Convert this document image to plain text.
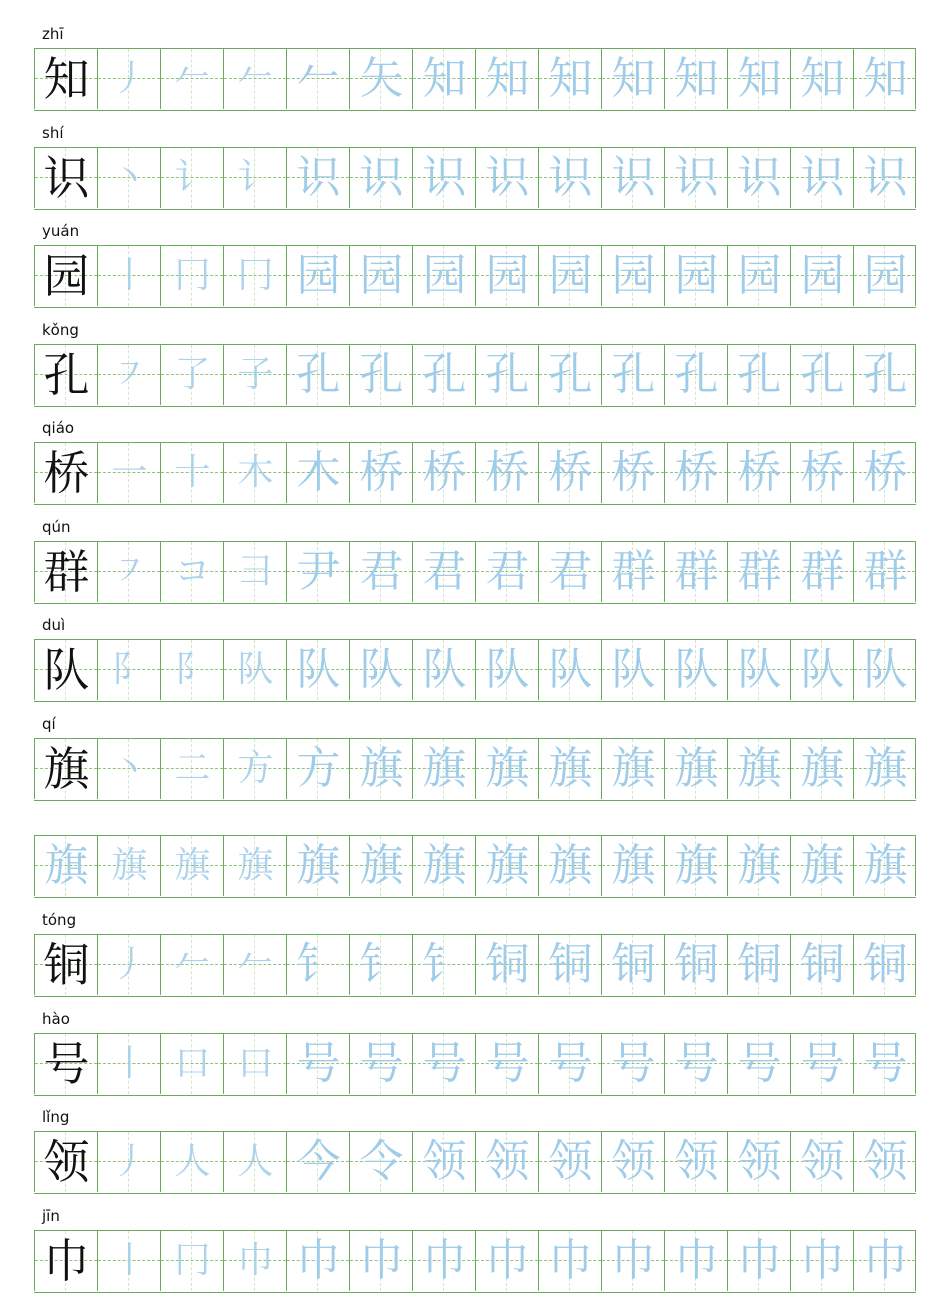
zhī
知 丿 𠂉 𠂉 𠂉 矢 知 知 知 知 知 知 知 知
shí
识 丶 讠 讠 识 识 识 识 识 识 识 识 识 识
yuán
园 丨 冂 冂 园 园 园 园 园 园 园 园 园 园
kǒng
孔 ㇇ 了 子 孔 孔 孔 孔 孔 孔 孔 孔 孔 孔
qiáo
桥 一 十 木 木 桥 桥 桥 桥 桥 桥 桥 桥 桥
qún
群 ㇇ コ 彐 尹 君 君 君 君 群 群 群 群 群
duì
队 阝 阝 队 队 队 队 队 队 队 队 队 队 队
qí
旗 丶 二 方 方 旗 旗 旗 旗 旗 旗 旗 旗 旗
旗 旗 旗 旗 旗 旗 旗 旗 旗 旗 旗 旗 旗 旗
tóng
铜 丿 𠂉 𠂉 钅 钅 钅 铜 铜 铜 铜 铜 铜 铜
hào
号 丨 口 口 号 号 号 号 号 号 号 号 号 号
lǐng
领 丿 人 人 今 令 领 领 领 领 领 领 领 领
jīn
巾 丨 冂 巾 巾 巾 巾 巾 巾 巾 巾 巾 巾 巾
